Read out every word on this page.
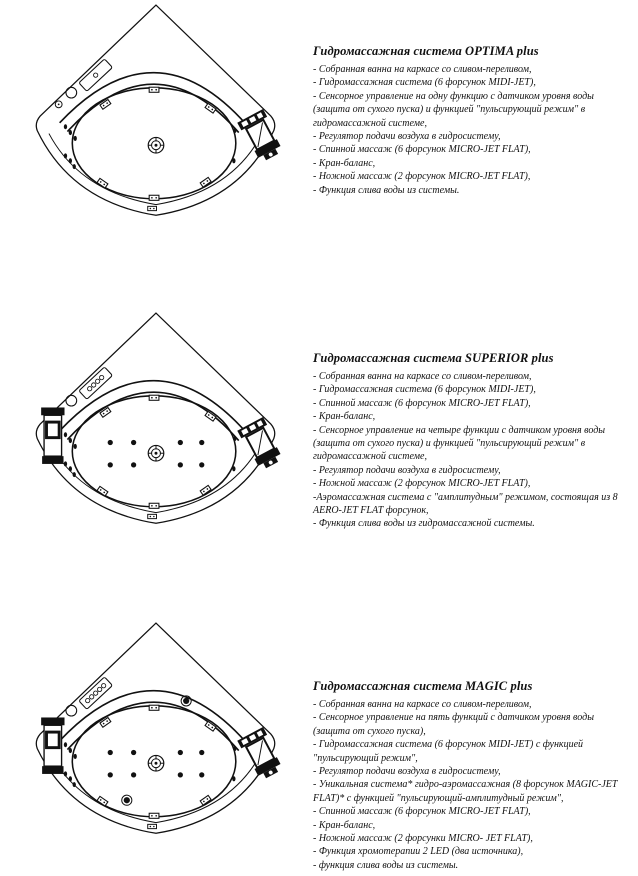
Гидромассажная система OPTIMA plus
- Собранная ванна на каркасе со сливом-переливом,
- Гидромассажная система (6 форсунок MIDI-JET),
- Сенсорное управление на одну функцию с датчиком уровня воды (защита от сухого пуска) и функцией "пульсирующий режим" в гидромассажной системе,
- Регулятор подачи воздуха в гидросистему,
- Спинной массаж (6 форсунок MICRO-JET FLAT),
- Кран-баланс,
- Ножной массаж (2 форсунок MICRO-JET FLAT),
- Функция слива воды из системы.
Гидромассажная система SUPERIOR plus
- Собранная ванна на каркасе со сливом-переливом,
- Гидромассажная система (6 форсунок MIDI-JET),
- Спинной массаж (6 форсунок MICRO-JET FLAT),
- Кран-баланс,
- Сенсорное управление на четыре функции с датчиком уровня воды (защита от сухого пуска) и функцией "пульсирующий режим" в гидромассажной системе,
- Регулятор подачи воздуха в гидросистему,
- Ножной массаж (2 форсунок MICRO-JET FLAT),
-Аэромассажная система с "амплитудным" режимом, состоящая из 8 AERO-JET FLAT форсунок,
- Функция слива воды из гидромассажной системы.
Гидромассажная система MAGIC plus
- Собранная ванна на каркасе со сливом-переливом,
- Сенсорное управление на пять функций с датчиком уровня воды (защита от сухого пуска),
- Гидромассажная система (6 форсунок MIDI-JET) с функцией "пульсирующий режим",
- Регулятор подачи воздуха в гидросистему,
- Уникальная система* гидро-аэромассажная (8 форсунок MAGIC-JET FLAT)* с функцией "пульсирующий-амплитудный режим",
- Спинной массаж (6 форсунок MICRO-JET FLAT),
- Кран-баланс,
- Ножной массаж (2 форсунки MICRO- JET FLAT),
- Функция хромотерапии 2 LED (два источника),
- функция слива воды из системы.
